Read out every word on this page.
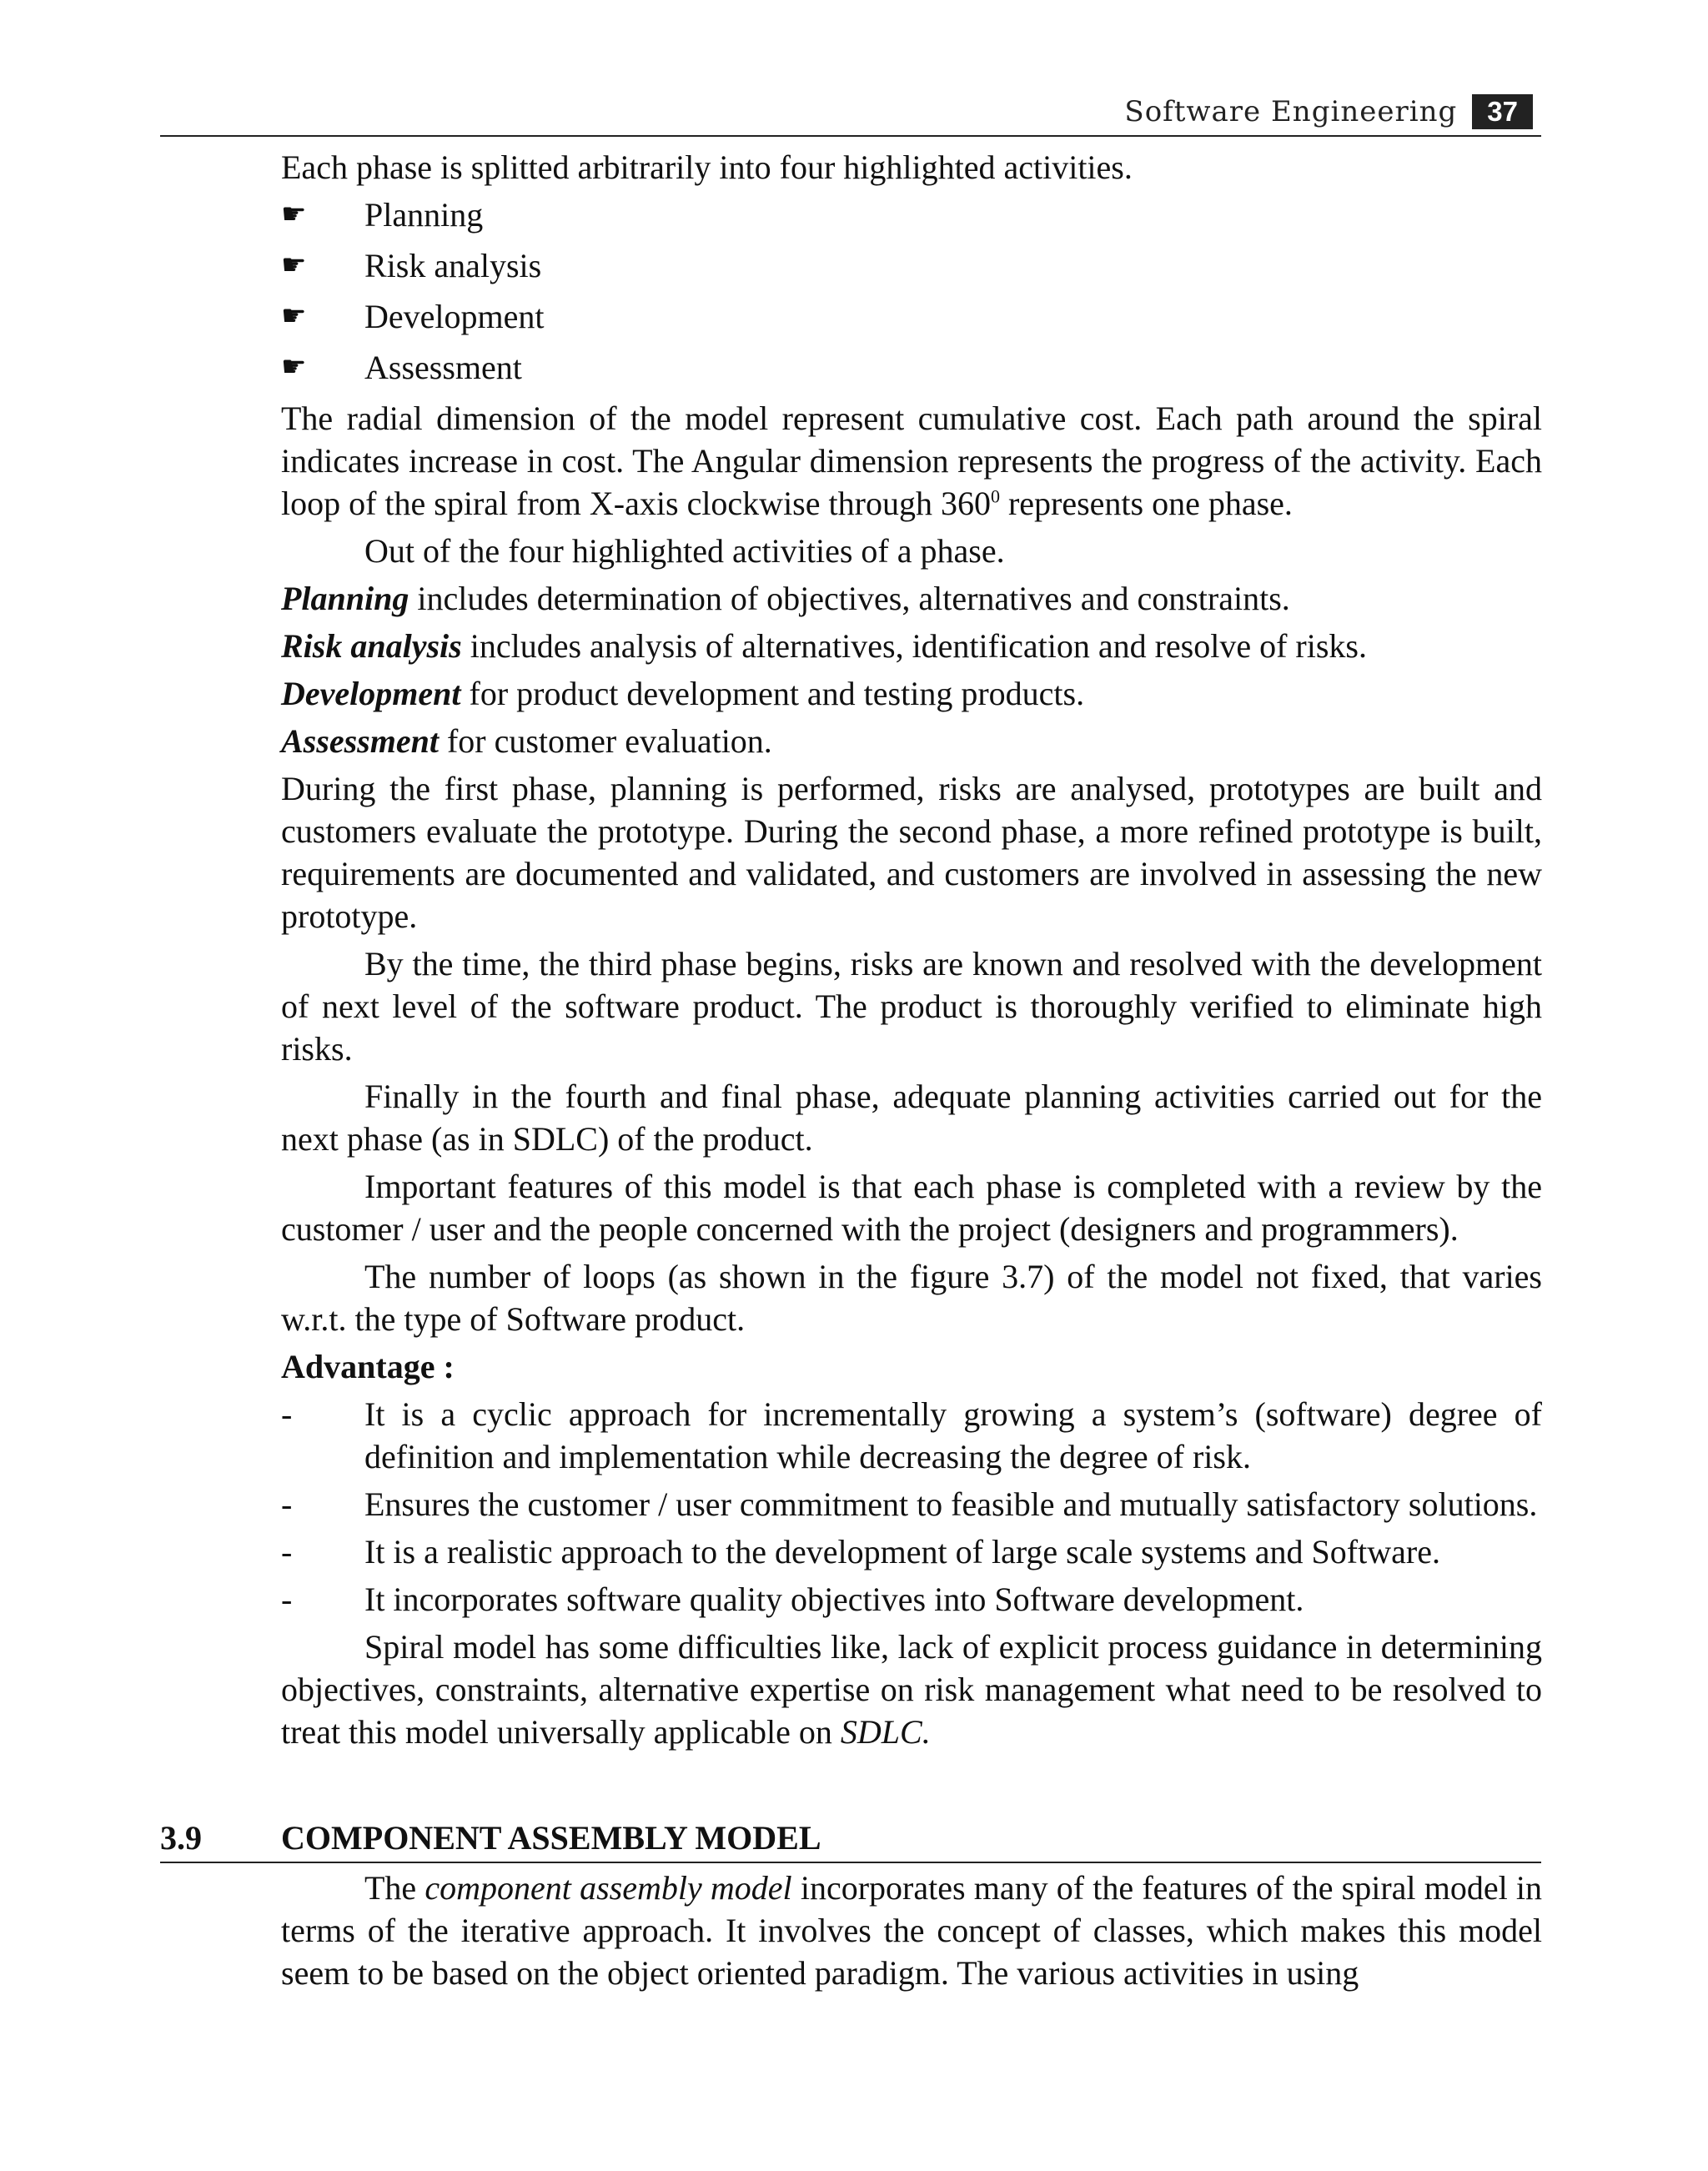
Software Engineering	37

Each phase is splitted arbitrarily into four highlighted activities.

☛	Planning
☛	Risk analysis
☛	Development
☛	Assessment

The radial dimension of the model represent cumulative cost. Each path around the spiral indicates increase in cost. The Angular dimension represents the progress of the activity. Each loop of the spiral from X-axis clockwise through $360^0$ represents one phase.

Out of the four highlighted activities of a phase.

Planning includes determination of objectives, alternatives and constraints.

Risk analysis includes analysis of alternatives, identification and resolve of risks.

Development for product development and testing products.

Assessment for customer evaluation.

During the first phase, planning is performed, risks are analysed, prototypes are built and customers evaluate the prototype. During the second phase, a more refined prototype is built, requirements are documented and validated, and customers are involved in assessing the new prototype.

By the time, the third phase begins, risks are known and resolved with the development of next level of the software product. The product is thoroughly verified to eliminate high risks.

Finally in the fourth and final phase, adequate planning activities carried out for the next phase (as in SDLC) of the product.

Important features of this model is that each phase is completed with a review by the customer / user and the people concerned with the project (designers and programmers).

The number of loops (as shown in the figure 3.7) of the model not fixed, that varies w.r.t. the type of Software product.

Advantage :

-	It is a cyclic approach for incrementally growing a system’s (software) degree of definition and implementation while decreasing the degree of risk.
-	Ensures the customer / user commitment to feasible and mutually satisfactory solutions.
-	It is a realistic approach to the development of large scale systems and Software.
-	It incorporates software quality objectives into Software development.

Spiral model has some difficulties like, lack of explicit process guidance in determining objectives, constraints, alternative expertise on risk management what need to be resolved to treat this model universally applicable on SDLC.

3.9	COMPONENT ASSEMBLY MODEL

The component assembly model incorporates many of the features of the spiral model in terms of the iterative approach. It involves the concept of classes, which makes this model seem to be based on the object oriented paradigm. The various activities in using
